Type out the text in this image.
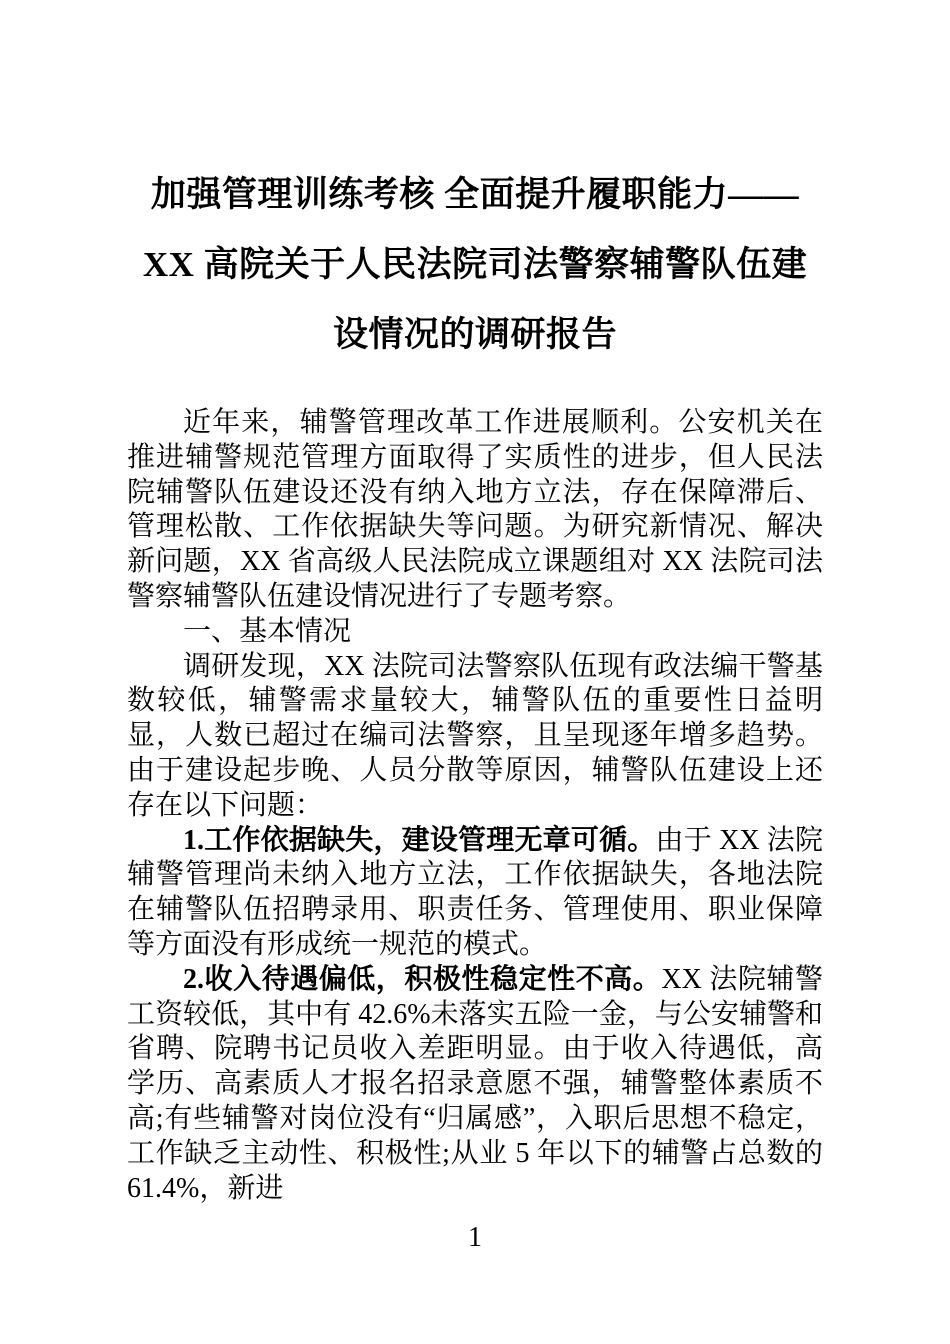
加强管理训练考核 全面提升履职能力——
XX 高院关于人民法院司法警察辅警队伍建
设情况的调研报告

近年来，辅警管理改革工作进展顺利。公安机关在推进辅警规范管理方面取得了实质性的进步，但人民法院辅警队伍建设还没有纳入地方立法，存在保障滞后、管理松散、工作依据缺失等问题。为研究新情况、解决新问题，XX 省高级人民法院成立课题组对 XX 法院司法警察辅警队伍建设情况进行了专题考察。

一、基本情况

调研发现，XX 法院司法警察队伍现有政法编干警基数较低，辅警需求量较大，辅警队伍的重要性日益明显，人数已超过在编司法警察，且呈现逐年增多趋势。由于建设起步晚、人员分散等原因，辅警队伍建设上还存在以下问题：

1.工作依据缺失，建设管理无章可循。由于 XX 法院辅警管理尚未纳入地方立法，工作依据缺失，各地法院在辅警队伍招聘录用、职责任务、管理使用、职业保障等方面没有形成统一规范的模式。

2.收入待遇偏低，积极性稳定性不高。XX 法院辅警工资较低，其中有 42.6%未落实五险一金，与公安辅警和省聘、院聘书记员收入差距明显。由于收入待遇低，高学历、高素质人才报名招录意愿不强，辅警整体素质不高;有些辅警对岗位没有“归属感”，入职后思想不稳定，工作缺乏主动性、积极性;从业 5 年以下的辅警占总数的 61.4%，新进

1
